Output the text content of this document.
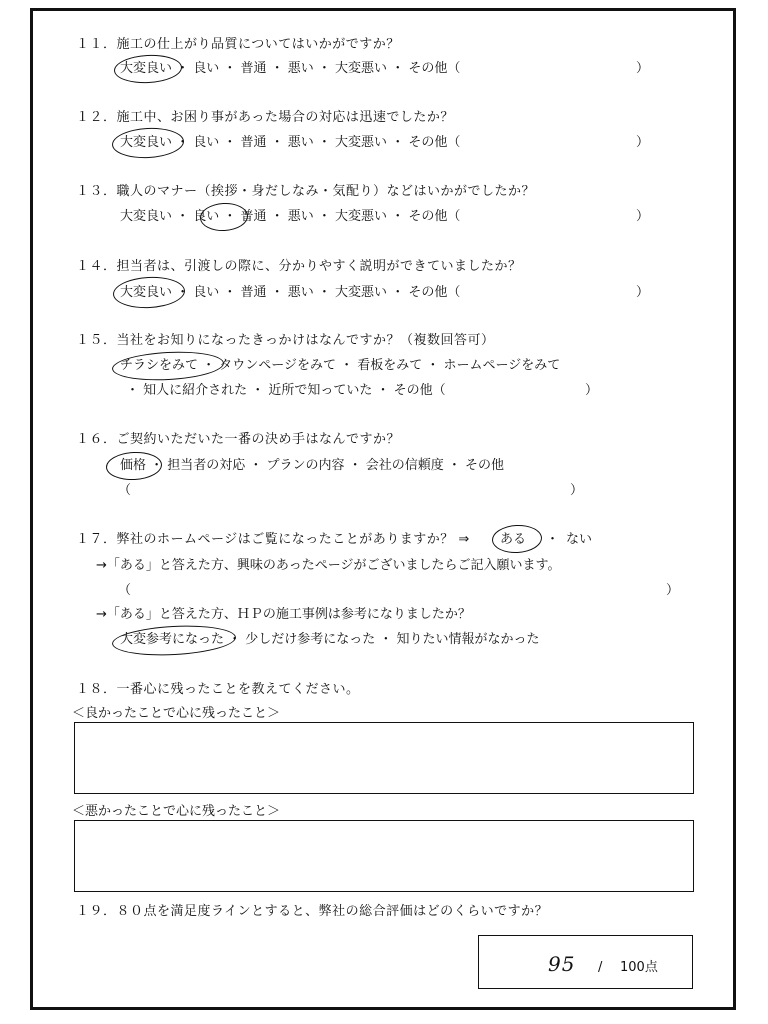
１１．施工の仕上がり品質についてはいかがですか？
大変良い ・ 良い ・ 普通 ・ 悪い ・ 大変悪い ・ その他（	）
１２．施工中、お困り事があった場合の対応は迅速でしたか？
大変良い ・ 良い ・ 普通 ・ 悪い ・ 大変悪い ・ その他（	）
１３．職人のマナー（挨拶・身だしなみ・気配り）などはいかがでしたか？
大変良い ・ 良い ・ 普通 ・ 悪い ・ 大変悪い ・ その他（	）
１４．担当者は、引渡しの際に、分かりやすく説明ができていましたか？
大変良い ・ 良い ・ 普通 ・ 悪い ・ 大変悪い ・ その他（	）
１５．当社をお知りになったきっかけはなんですか？（複数回答可）
チラシをみて ・ タウンページをみて ・ 看板をみて ・ ホームページをみて
・ 知人に紹介された ・ 近所で知っていた ・ その他（	）
１６．ご契約いただいた一番の決め手はなんですか？
価格 ・ 担当者の対応 ・ プランの内容 ・ 会社の信頼度 ・ その他
（	）
１７．弊社のホームページはご覧になったことがありますか？ ⇒ ある ・ ない
→「ある」と答えた方、興味のあったページがございましたらご記入願います。
（	）
→「ある」と答えた方、ＨＰの施工事例は参考になりましたか？
大変参考になった ・ 少しだけ参考になった ・ 知りたい情報がなかった
１８．一番心に残ったことを教えてください。
＜良かったことで心に残ったこと＞
＜悪かったことで心に残ったこと＞
１９．８０点を満足度ラインとすると、弊社の総合評価はどのくらいですか？
95 / 100点
